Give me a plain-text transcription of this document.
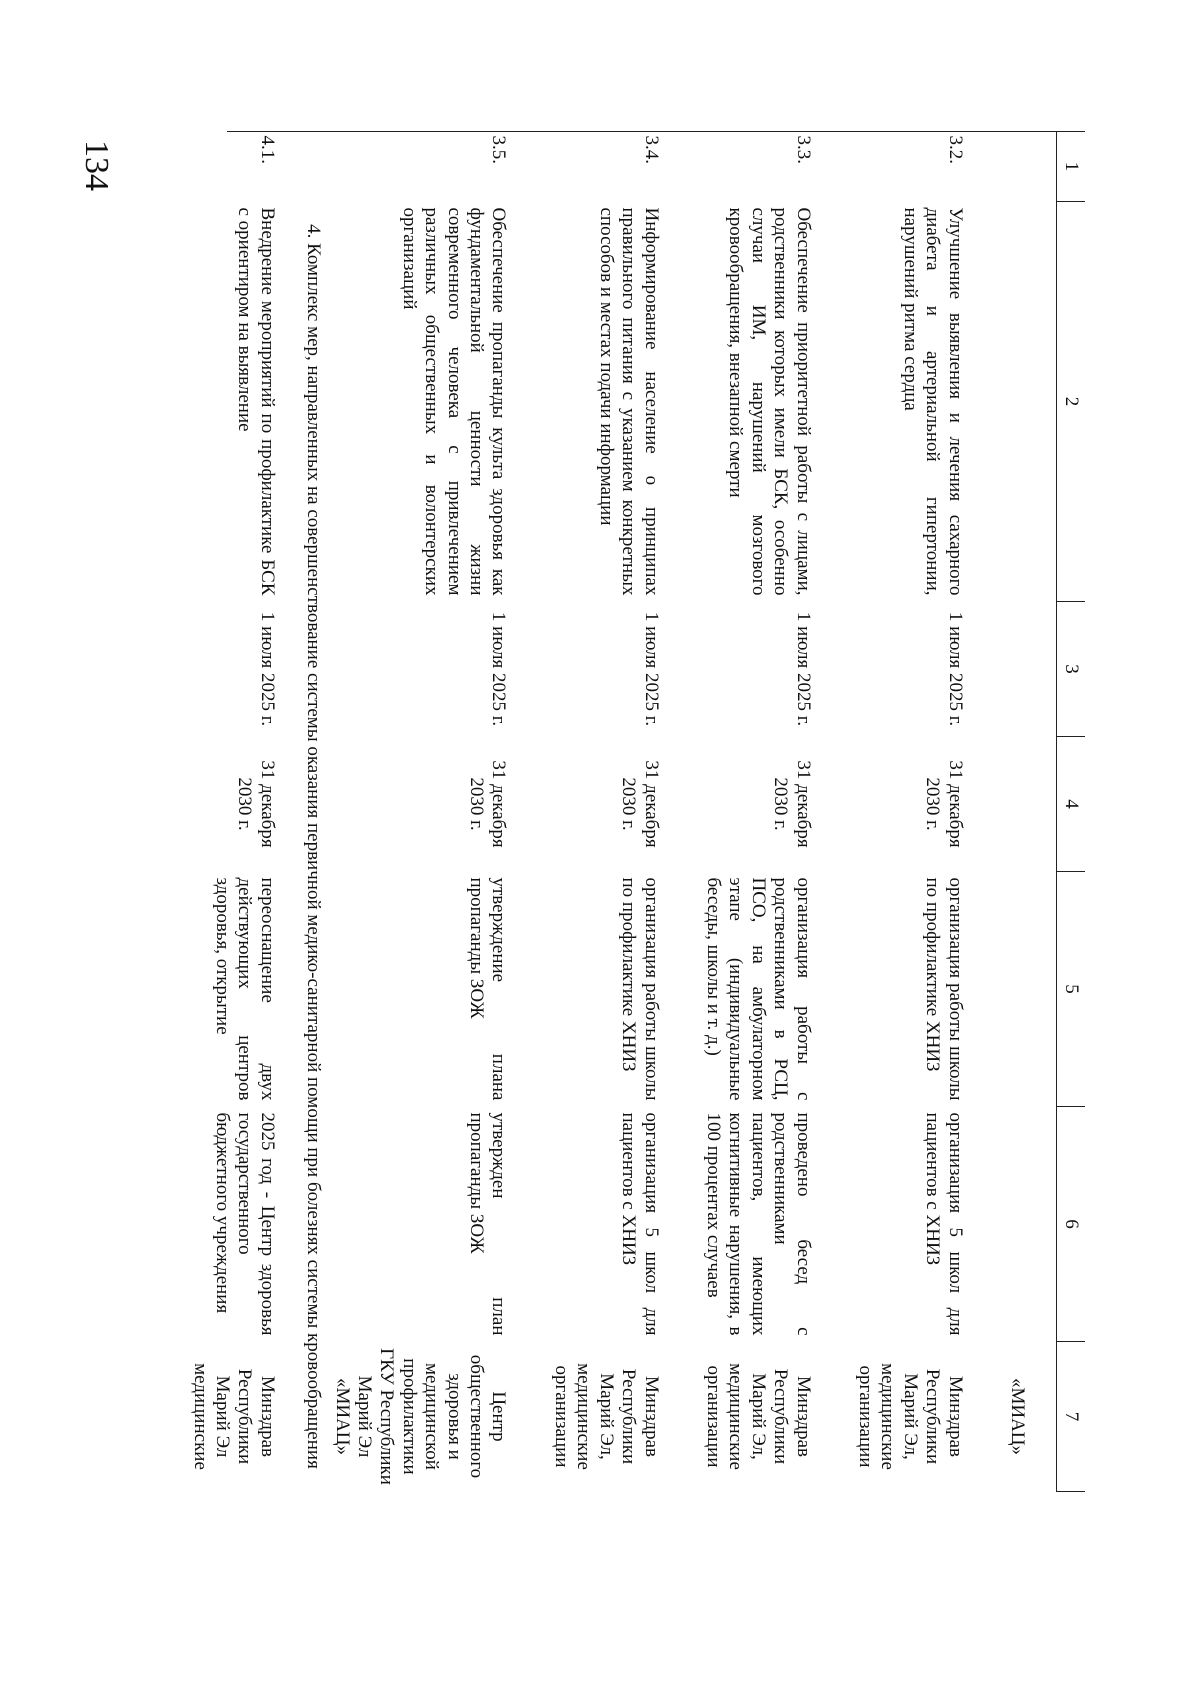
134	1	2	3	4	5	6	7
						«МИАЦ»

3.2.	Улучшение выявления и лечения сахарного диабета и артериальной гипертонии, нарушений ритма сердца	1 июля 2025 г.	31 декабря 2030 г.	организация работы школы по профилактике ХНИЗ	организация 5 школ для пациентов с ХНИЗ	Минздрав Республики Марий Эл, медицинские организации

3.3.	Обеспечение приоритетной работы с лицами, родственники которых имели БСК, особенно случаи ИМ, нарушений мозгового кровообращения, внезапной смерти	1 июля 2025 г.	31 декабря 2030 г.	организация работы с родственниками в РСЦ, ПСО, на амбулаторном этапе (индивидуальные беседы, школы и т. д.)	проведено бесед с родственниками пациентов, имеющих когнитивные нарушения, в 100 процентах случаев	Минздрав Республики Марий Эл, медицинские организации

3.4.	Информирование население о принципах правильного питания с указанием конкретных способов и местах подачи информации	1 июля 2025 г.	31 декабря 2030 г.	организация работы школы по профилактике ХНИЗ	организация 5 школ для пациентов с ХНИЗ	Минздрав Республики Марий Эл, медицинские организации

3.5.	Обеспечение пропаганды культа здоровья как фундаментальной ценности жизни современного человека с привлечением различных общественных и волонтерских организаций	1 июля 2025 г.	31 декабря 2030 г.	утверждение плана пропаганды ЗОЖ	утвержден план пропаганды ЗОЖ	Центр общественного здоровья и медицинской профилактики ГКУ Республики Марий Эл «МИАЦ»
	4. Комплекс мер, направленных на совершенствование системы оказания первичной медико-санитарной помощи при болезнях системы кровообращения					
4.1.	Внедрение мероприятий по профилактике БСК с ориентиром на выявление	1 июля 2025 г.	31 декабря 2030 г.	переоснащение двух действующих центров здоровья, открытие	2025 год - Центр здоровья государственного бюджетного учреждения	Минздрав Республики Марий Эл медицинские
